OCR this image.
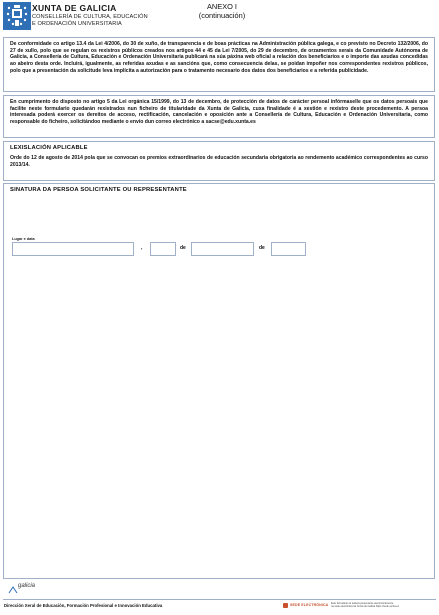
XUNTA DE GALICIA
CONSELLERÍA DE CULTURA, EDUCACIÓN
E ORDENACIÓN UNIVERSITARIA
ANEXO I
(continuación)

De conformidade co artigo 13.4 da Lei 4/2006, do 30 de xuño, de transparencia e de boas prácticas na Administración pública galega, e co previsto no Decreto 132/2006, do 27 de xullo, polo que se regulan os rexistros públicos creados nos artigos 44 e 45 da Lei 7/2005, do 29 de decembro, de orzamentos xerais da Comunidade Autónoma de Galicia, a Consellería de Cultura, Educación e Ordenación Universitaria publicará na súa páxina web oficial a relación dos beneficiarios e o importe das axudas concedidas ao abeiro desta orde. Incluirá, igualmente, as referidas axudas e as sancións que, como consecuencia delas, se poidan impoñer nos correspondentes rexistros públicos, polo que a presentación da solicitude leva implícita a autorización para o tratamento necesario dos datos dos beneficiarios e a referida publicidade.

En cumprimento do disposto no artigo 5 da Lei orgánica 15/1999, do 13 de decembro, de protección de datos de carácter persoal infórmaselle que os datos persoais que facilite neste formulario quedarán rexistrados nun ficheiro de titularidade da Xunta de Galicia, cuxa finalidade é a xestión e rexistro deste procedemento. A persoa interesada poderá exercer os dereitos de acceso, rectificación, cancelación e oposición ante a Consellería de Cultura, Educación e Ordenación Universitaria, como responsable do ficheiro, solicitándoo mediante o envío dun correo electrónico a sacse@edu.xunta.es

LEXISLACIÓN APLICABLE

Orde do 12 de agosto de 2014 pola que se convocan os premios extraordinarios de educación secundaria obrigatoria ao rendemento académico correspondentes ao curso 2013/14.

SINATURA DA PERSOA SOLICITANTE OU REPRESENTANTE
Lugar e data
,	de	de
galicia
Dirección Xeral de Educación, Formación Profesional e Innovación Educativa	SEDE ELECTRÓNICA Este formulario só poderá presentarse electronicamente
na sede electrónica da Xunta de Galicia https://sede.xunta.es
